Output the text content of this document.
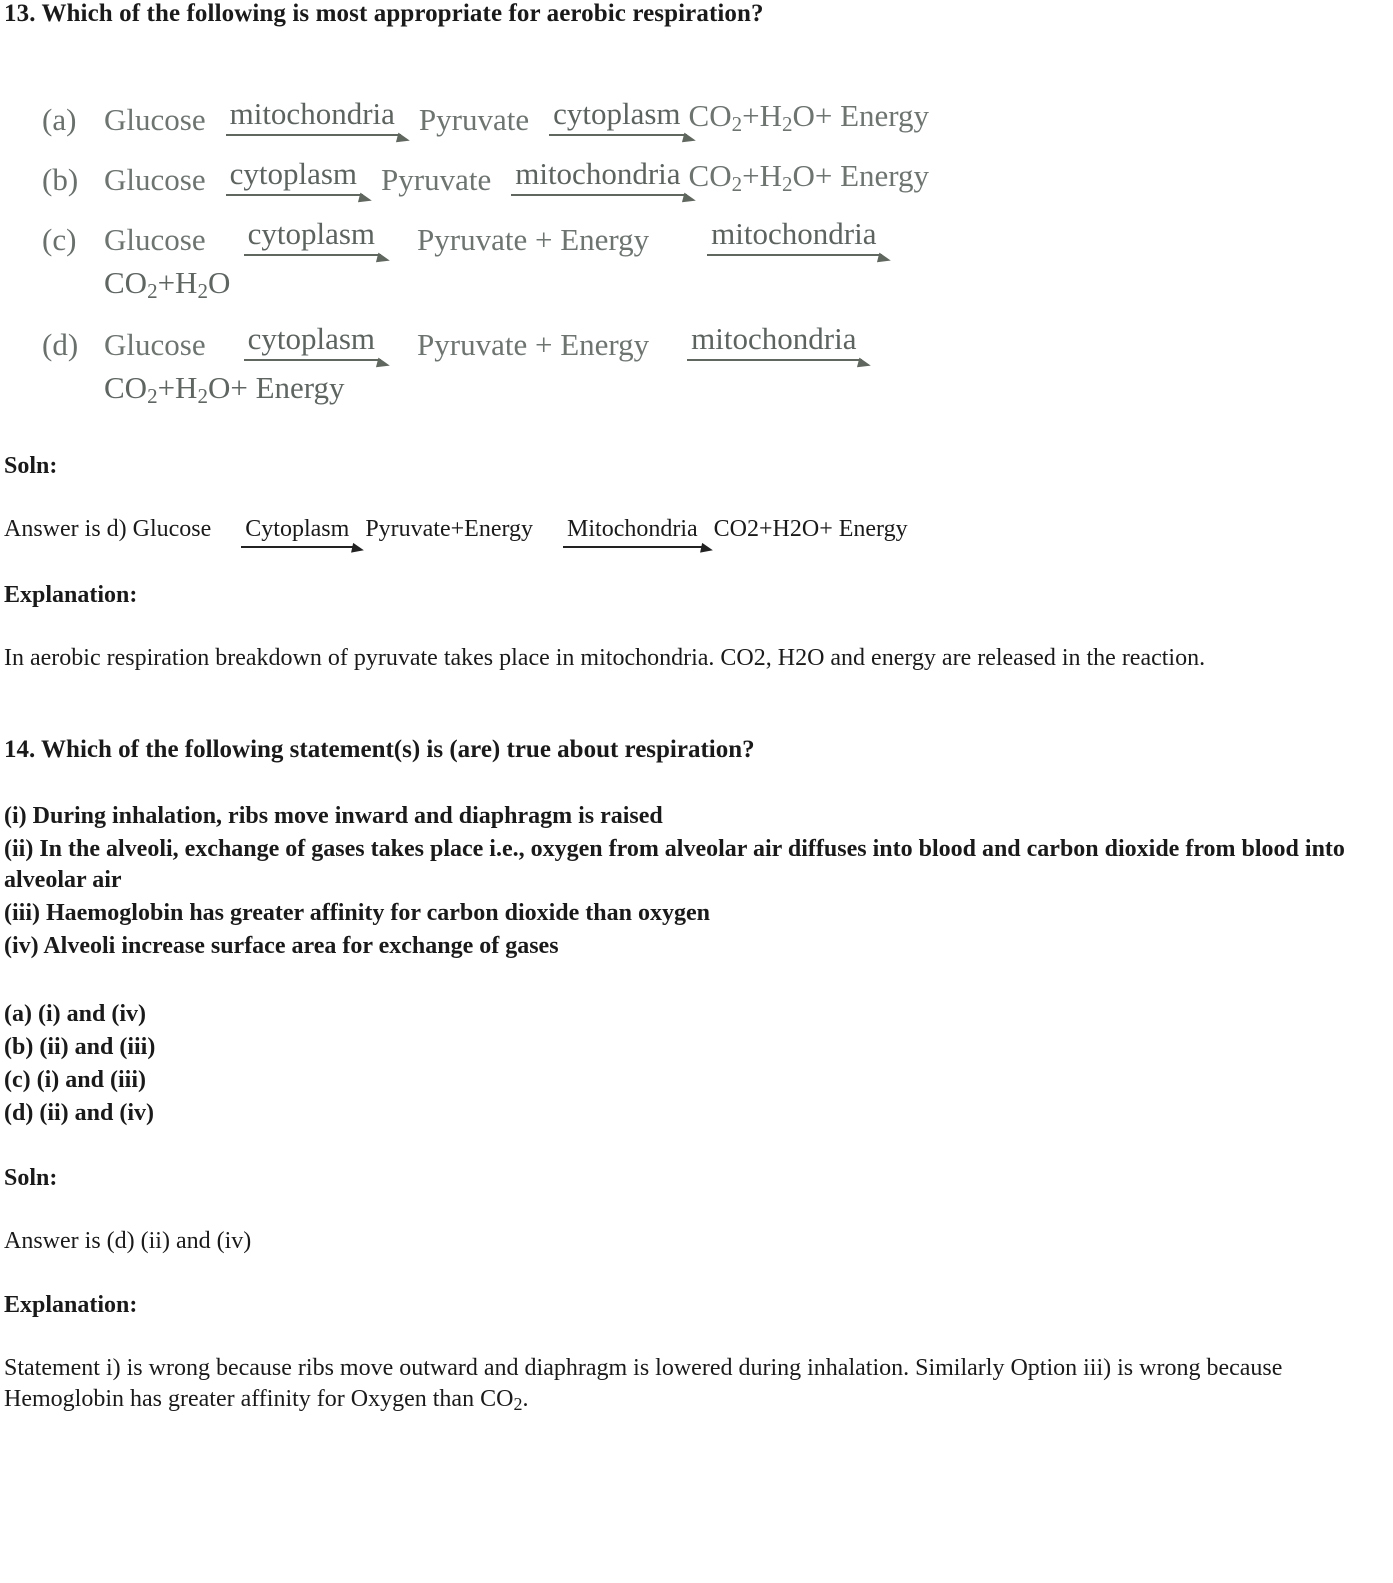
13. Which of the following is most appropriate for aerobic respiration?
(a) Glucose mitochondria Pyruvate cytoplasm $CO_2+H_2O+$ Energy
(b) Glucose cytoplasm Pyruvate mitochondria $CO_2+H_2O+$ Energy
(c) Glucose cytoplasm Pyruvate + Energy mitochondria
$CO_2+H_2O$
(d) Glucose cytoplasm Pyruvate + Energy mitochondria
$CO_2+H_2O+$ Energy
Soln:
Answer is d) Glucose Cytoplasm Pyruvate+Energy Mitochondria CO2+H2O+ Energy
Explanation:
In aerobic respiration breakdown of pyruvate takes place in mitochondria. CO2, H2O and energy are released in the reaction.
14. Which of the following statement(s) is (are) true about respiration?
(i) During inhalation, ribs move inward and diaphragm is raised
(ii) In the alveoli, exchange of gases takes place i.e., oxygen from alveolar air diffuses into blood and carbon dioxide from blood into alveolar air
(iii) Haemoglobin has greater affinity for carbon dioxide than oxygen
(iv) Alveoli increase surface area for exchange of gases
(a) (i) and (iv)
(b) (ii) and (iii)
(c) (i) and (iii)
(d) (ii) and (iv)
Soln:
Answer is (d) (ii) and (iv)
Explanation:
Statement i) is wrong because ribs move outward and diaphragm is lowered during inhalation. Similarly Option iii) is wrong because Hemoglobin has greater affinity for Oxygen than CO2.
